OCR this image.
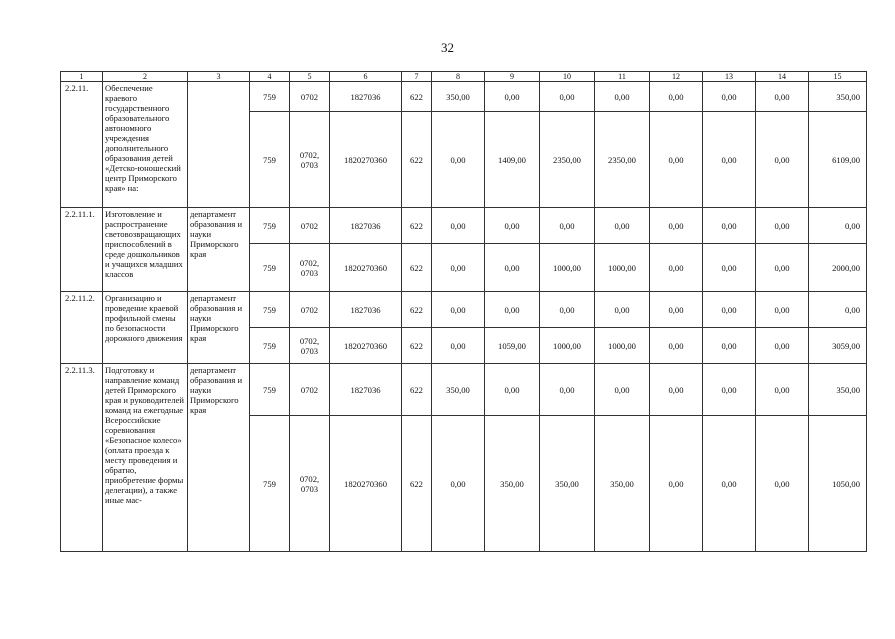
32
1	2	3	4	5	6	7	8	9	10	11	12	13	14	15
2.2.11.	Обеспечение краевого государственного образовательного автономного учреждения дополнительного образования детей «Детско-юношеский центр Приморского края» на:		759	0702	1827036	622	350,00	0,00	0,00	0,00	0,00	0,00	0,00	350,00
			759	0702, 0703	1820270360	622	0,00	1409,00	2350,00	2350,00	0,00	0,00	0,00	6109,00
2.2.11.1.	Изготовление и распространение световозвращающих приспособлений в среде дошкольников и учащихся младших классов	департамент образования и науки Приморского края	759	0702	1827036	622	0,00	0,00	0,00	0,00	0,00	0,00	0,00	0,00
			759	0702, 0703	1820270360	622	0,00	0,00	1000,00	1000,00	0,00	0,00	0,00	2000,00
2.2.11.2.	Организацию и проведение краевой профильной смены по безопасности дорожного движения	департамент образования и науки Приморского края	759	0702	1827036	622	0,00	0,00	0,00	0,00	0,00	0,00	0,00	0,00
			759	0702, 0703	1820270360	622	0,00	1059,00	1000,00	1000,00	0,00	0,00	0,00	3059,00
2.2.11.3.	Подготовку и направление команд детей Приморского края и руководителей команд на ежегодные Всероссийские соревнования «Безопасное колесо» (оплата проезда к месту проведения и обратно, приобретение формы делегации), а также иные мас-	департамент образования и науки Приморского края	759	0702	1827036	622	350,00	0,00	0,00	0,00	0,00	0,00	0,00	350,00
			759	0702, 0703	1820270360	622	0,00	350,00	350,00	350,00	0,00	0,00	0,00	1050,00
